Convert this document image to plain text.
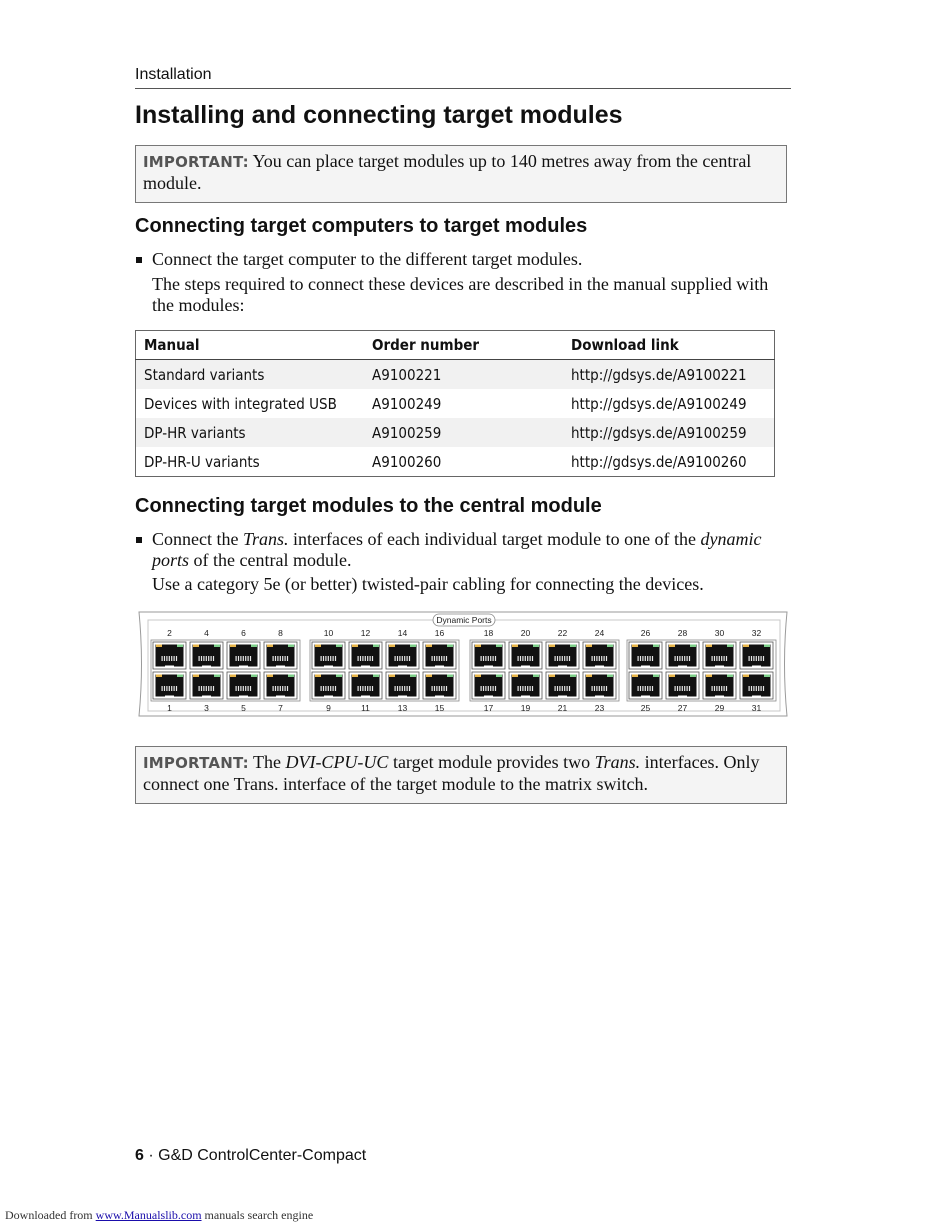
Installation
Installing and connecting target modules
IMPORTANT: You can place target modules up to 140 metres away from the central module.
Connecting target computers to target modules
Connect the target computer to the different target modules.
The steps required to connect these devices are described in the manual supplied with the modules:
Manual	Order number	Download link
Standard variants	A9100221	http://gdsys.de/A9100221
Devices with integrated USB	A9100249	http://gdsys.de/A9100249
DP-HR variants	A9100259	http://gdsys.de/A9100259
DP-HR-U variants	A9100260	http://gdsys.de/A9100260
Connecting target modules to the central module
Connect the Trans. interfaces of each individual target module to one of the dynamic ports of the central module.
Use a category 5e (or better) twisted-pair cabling for connecting the devices.
Dynamic Ports
2
1
4
3
6
5
8
7
10
9
12
11
14
13
16
15
18
17
20
19
22
21
24
23
26
25
28
27
30
29
32
31
IMPORTANT: The DVI-CPU-UC target module provides two Trans. interfaces. Only connect one Trans. interface of the target module to the matrix switch.
6 · G&D ControlCenter-Compact
Downloaded from www.Manualslib.com manuals search engine
